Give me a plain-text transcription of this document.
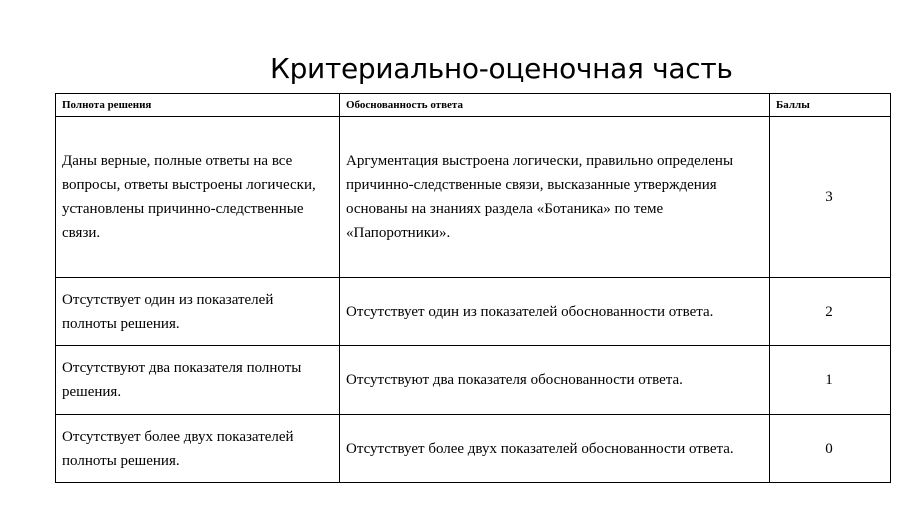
Критериально-оценочная часть
Полнота решения	Обоснованность ответа	Баллы
Даны верные, полные ответы на все вопросы, ответы выстроены логически, установлены причинно-следственные связи.	Аргументация выстроена логически, правильно определены причинно-следственные связи, высказанные утверждения основаны на знаниях раздела «Ботаника» по теме «Папоротники».	3
Отсутствует один из показателей полноты решения.	Отсутствует один из показателей обоснованности ответа.	2
Отсутствуют два показателя полноты решения.	Отсутствуют два показателя обоснованности ответа.	1
Отсутствует более двух показателей полноты решения.	Отсутствует более двух показателей обоснованности ответа.	0
